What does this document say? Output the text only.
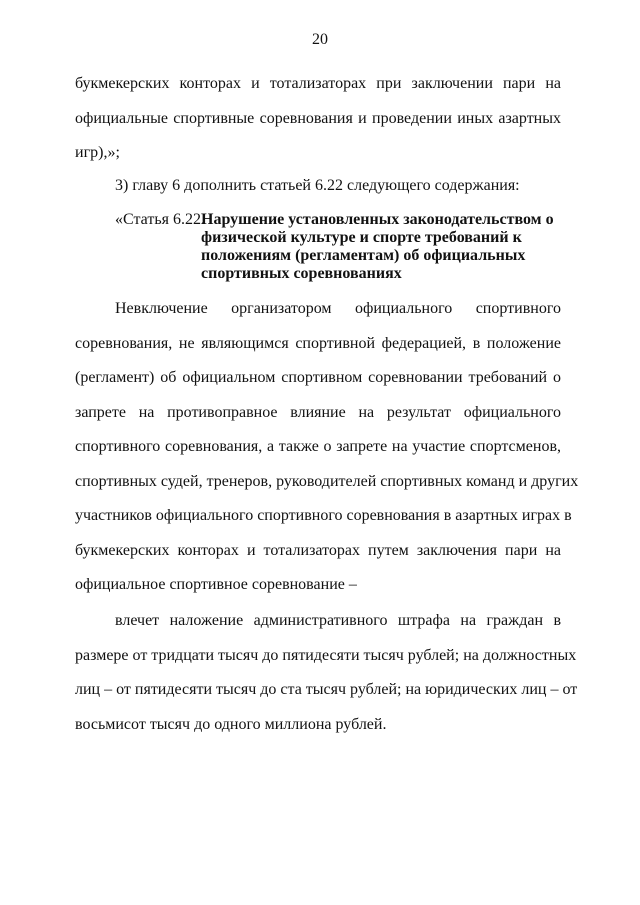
20
букмекерских конторах и тотализаторах при заключении пари на
официальные спортивные соревнования и проведении иных азартных
игр),»;
3) главу 6 дополнить статьей 6.22 следующего содержания:
«Статья 6.22.
Нарушение установленных законодательством о
физической культуре и спорте требований к
положениям (регламентам) об официальных
спортивных соревнованиях
Невключение организатором официального спортивного
соревнования, не являющимся спортивной федерацией, в положение
(регламент) об официальном спортивном соревновании требований о
запрете на противоправное влияние на результат официального
спортивного соревнования, а также о запрете на участие спортсменов,
спортивных судей, тренеров, руководителей спортивных команд и других
участников официального спортивного соревнования в азартных играх в
букмекерских конторах и тотализаторах путем заключения пари на
официальное спортивное соревнование –
влечет наложение административного штрафа на граждан в
размере от тридцати тысяч до пятидесяти тысяч рублей; на должностных
лиц – от пятидесяти тысяч до ста тысяч рублей; на юридических лиц – от
восьмисот тысяч до одного миллиона рублей.
